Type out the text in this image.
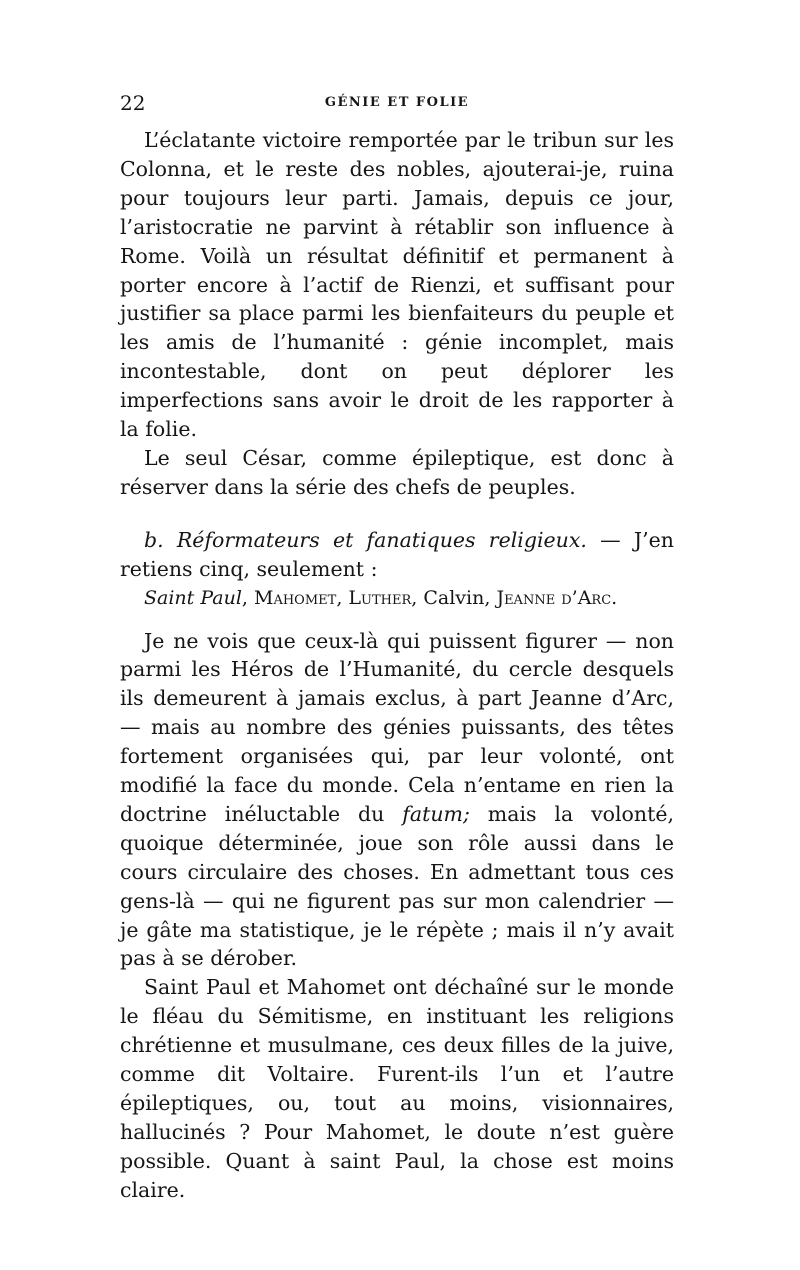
22	GÉNIE ET FOLIE

L’éclatante victoire remportée par le tribun sur les Colonna, et le reste des nobles, ajouterai-je, ruina pour toujours leur parti. Jamais, depuis ce jour, l’aristocratie ne parvint à rétablir son influence à Rome. Voilà un résultat définitif et permanent à porter encore à l’actif de Rienzi, et suffisant pour justifier sa place parmi les bienfaiteurs du peuple et les amis de l’humanité : génie incomplet, mais incontestable, dont on peut déplorer les imperfections sans avoir le droit de les rapporter à la folie.

Le seul César, comme épileptique, est donc à réserver dans la série des chefs de peuples.

b. Réformateurs et fanatiques religieux. — J’en retiens cinq, seulement :

Saint Paul, Mahomet, Luther, Calvin, Jeanne d’Arc.

Je ne vois que ceux-là qui puissent figurer — non parmi les Héros de l’Humanité, du cercle desquels ils demeurent à jamais exclus, à part Jeanne d’Arc, — mais au nombre des génies puissants, des têtes fortement organisées qui, par leur volonté, ont modifié la face du monde. Cela n’entame en rien la doctrine inéluctable du fatum; mais la volonté, quoique déterminée, joue son rôle aussi dans le cours circulaire des choses. En admettant tous ces gens-là — qui ne figurent pas sur mon calendrier — je gâte ma statistique, je le répète ; mais il n’y avait pas à se dérober.

Saint Paul et Mahomet ont déchaîné sur le monde le fléau du Sémitisme, en instituant les religions chrétienne et musulmane, ces deux filles de la juive, comme dit Voltaire. Furent-ils l’un et l’autre épileptiques, ou, tout au moins, visionnaires, hallucinés ? Pour Mahomet, le doute n’est guère possible. Quant à saint Paul, la chose est moins claire.
